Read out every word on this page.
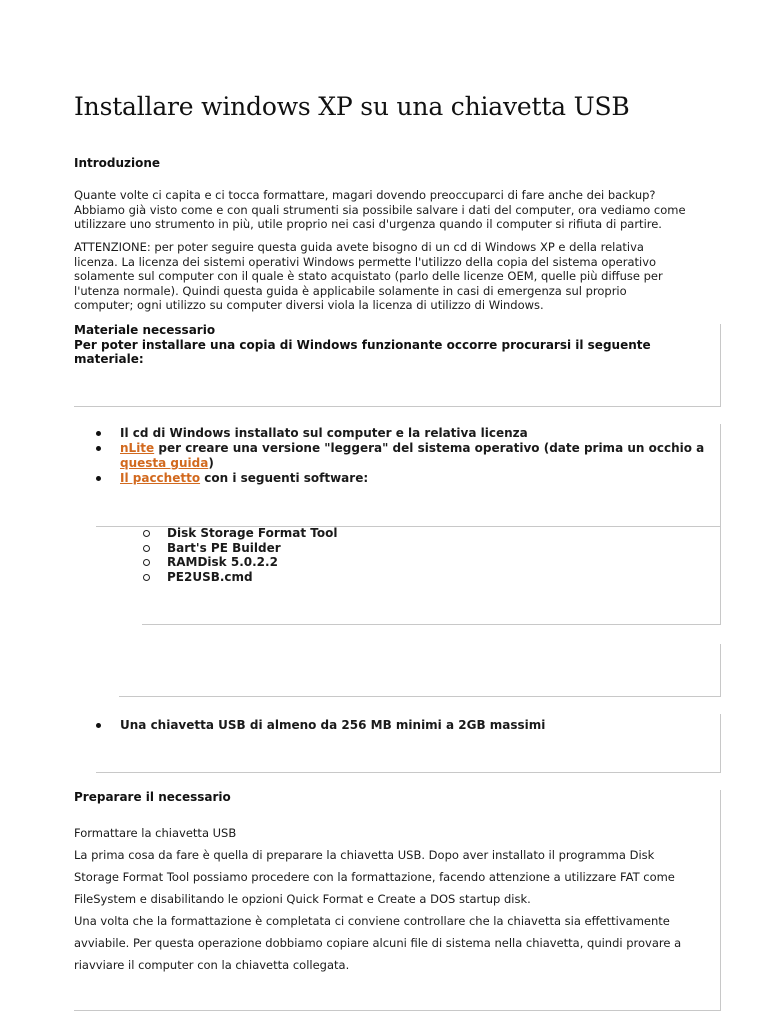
Installare windows XP su una chiavetta USB
Introduzione
Quante volte ci capita e ci tocca formattare, magari dovendo preoccuparci di fare anche dei backup?
Abbiamo già visto come e con quali strumenti sia possibile salvare i dati del computer, ora vediamo come
utilizzare uno strumento in più, utile proprio nei casi d'urgenza quando il computer si rifiuta di partire.
ATTENZIONE: per poter seguire questa guida avete bisogno di un cd di Windows XP e della relativa
licenza. La licenza dei sistemi operativi Windows permette l'utilizzo della copia del sistema operativo
solamente sul computer con il quale è stato acquistato (parlo delle licenze OEM, quelle più diffuse per
l'utenza normale). Quindi questa guida è applicabile solamente in casi di emergenza sul proprio
computer; ogni utilizzo su computer diversi viola la licenza di utilizzo di Windows.
Materiale necessario
Per poter installare una copia di Windows funzionante occorre procurarsi il seguente
materiale:
Il cd di Windows installato sul computer e la relativa licenza
nLite per creare una versione "leggera" del sistema operativo (date prima un occhio a
questa guida)
Il pacchetto con i seguenti software:
Disk Storage Format Tool
Bart's PE Builder
RAMDisk 5.0.2.2
PE2USB.cmd
Una chiavetta USB di almeno da 256 MB minimi a 2GB massimi
Preparare il necessario
Formattare la chiavetta USB
La prima cosa da fare è quella di preparare la chiavetta USB. Dopo aver installato il programma Disk
Storage Format Tool possiamo procedere con la formattazione, facendo attenzione a utilizzare FAT come
FileSystem e disabilitando le opzioni Quick Format e Create a DOS startup disk.
Una volta che la formattazione è completata ci conviene controllare che la chiavetta sia effettivamente
avviabile. Per questa operazione dobbiamo copiare alcuni file di sistema nella chiavetta, quindi provare a
riavviare il computer con la chiavetta collegata.
